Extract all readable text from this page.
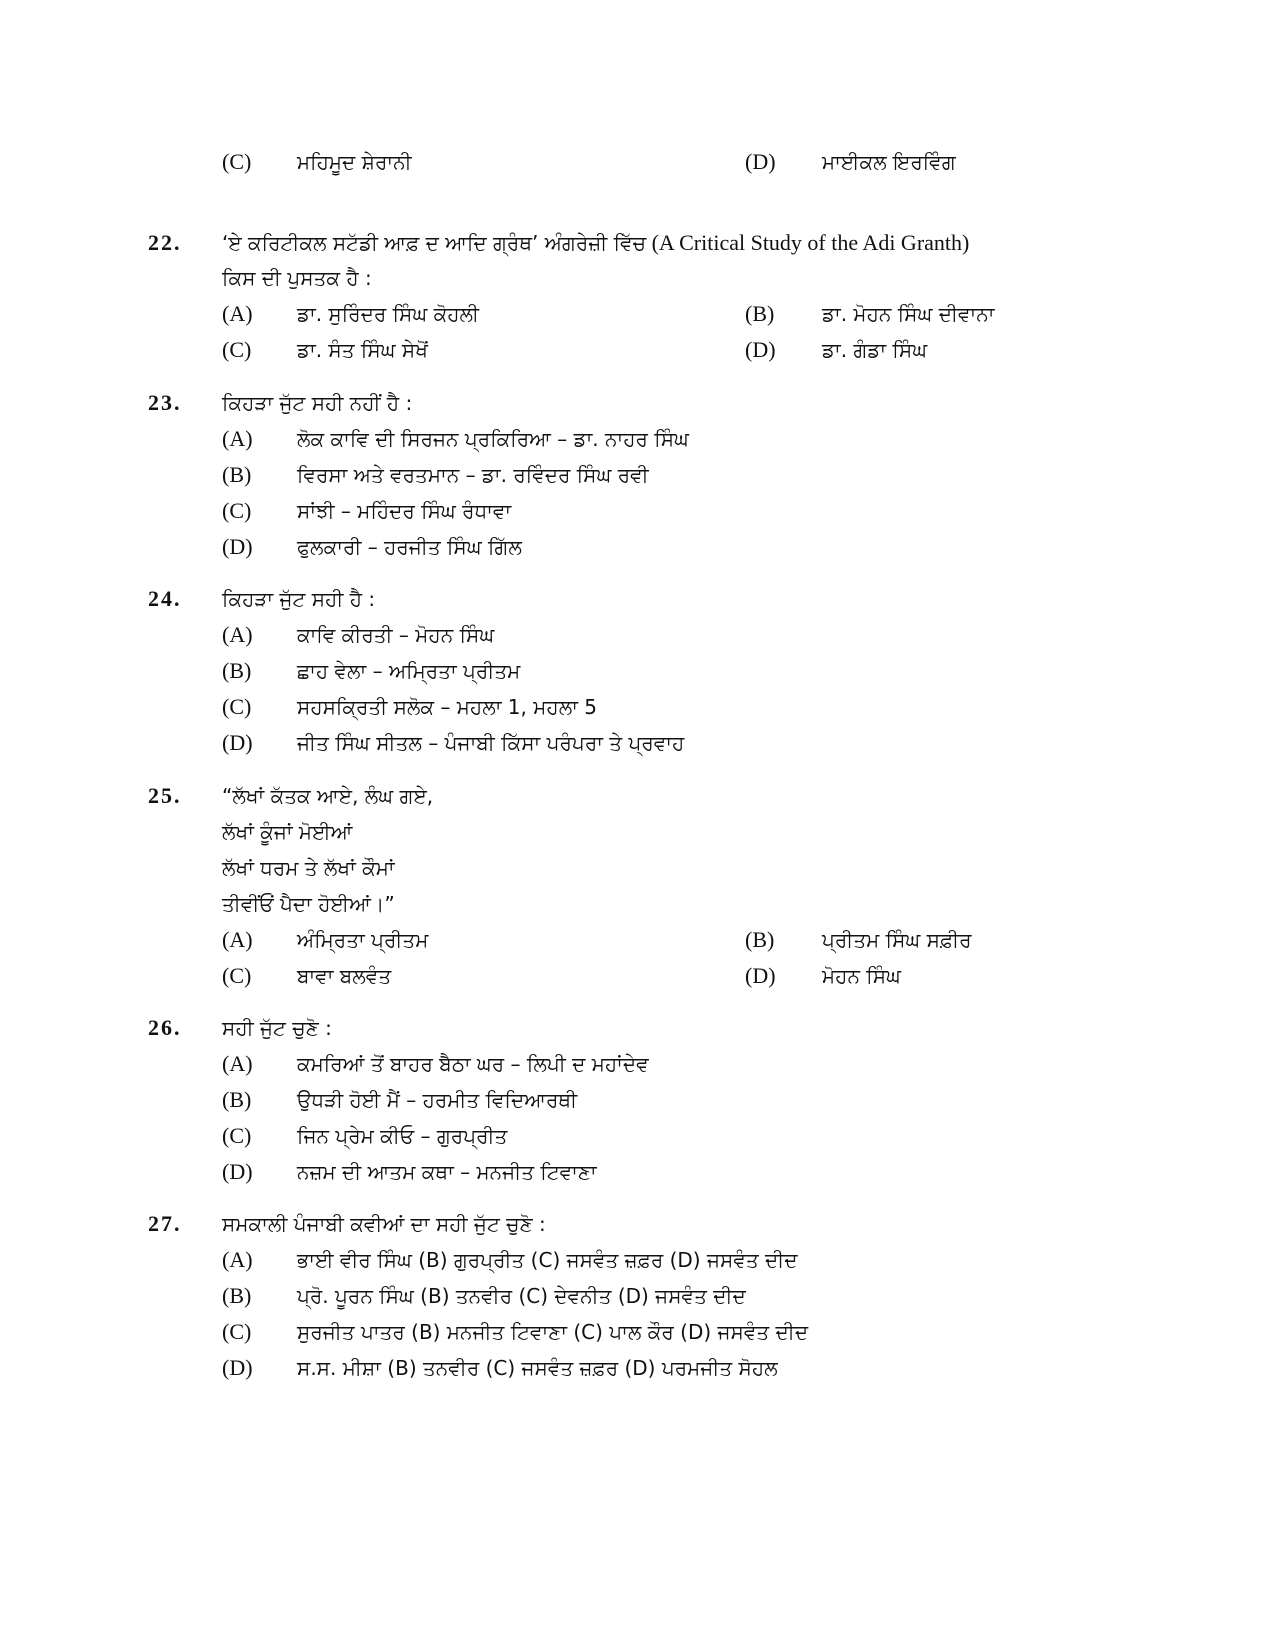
(C) ਮਹਿਮੂਦ ਸ਼ੇਰਾਨੀ	(D) ਮਾਈਕਲ ਇਰਵਿੰਗ
22. ‘ਏ ਕਰਿਟੀਕਲ ਸਟੱਡੀ ਆਫ਼ ਦ ਆਦਿ ਗ੍ਰੰਥ’ ਅੰਗਰੇਜ਼ੀ ਵਿੱਚ (A Critical Study of the Adi Granth)
ਕਿਸ ਦੀ ਪੁਸਤਕ ਹੈ :
(A) ਡਾ. ਸੁਰਿੰਦਰ ਸਿੰਘ ਕੋਹਲੀ	(B) ਡਾ. ਮੋਹਨ ਸਿੰਘ ਦੀਵਾਨਾ
(C) ਡਾ. ਸੰਤ ਸਿੰਘ ਸੇਖੋਂ	(D) ਡਾ. ਗੰਡਾ ਸਿੰਘ
23. ਕਿਹੜਾ ਜੁੱਟ ਸਹੀ ਨਹੀਂ ਹੈ :
(A) ਲੋਕ ਕਾਵਿ ਦੀ ਸਿਰਜਨ ਪ੍ਰਕਿਰਿਆ – ਡਾ. ਨਾਹਰ ਸਿੰਘ
(B) ਵਿਰਸਾ ਅਤੇ ਵਰਤਮਾਨ – ਡਾ. ਰਵਿੰਦਰ ਸਿੰਘ ਰਵੀ
(C) ਸਾਂਝੀ – ਮਹਿੰਦਰ ਸਿੰਘ ਰੰਧਾਵਾ
(D) ਫੁਲਕਾਰੀ – ਹਰਜੀਤ ਸਿੰਘ ਗਿੱਲ
24. ਕਿਹੜਾ ਜੁੱਟ ਸਹੀ ਹੈ :
(A) ਕਾਵਿ ਕੀਰਤੀ – ਮੋਹਨ ਸਿੰਘ
(B) ਛਾਹ ਵੇਲਾ – ਅਮ੍ਰਿਤਾ ਪ੍ਰੀਤਮ
(C) ਸਹਸਕ੍ਰਿਤੀ ਸਲੋਕ – ਮਹਲਾ 1, ਮਹਲਾ 5
(D) ਜੀਤ ਸਿੰਘ ਸੀਤਲ – ਪੰਜਾਬੀ ਕਿੱਸਾ ਪਰੰਪਰਾ ਤੇ ਪ੍ਰਵਾਹ
25. “ਲੱਖਾਂ ਕੱਤਕ ਆਏ, ਲੰਘ ਗਏ,
ਲੱਖਾਂ ਕੂੰਜਾਂ ਮੋਈਆਂ
ਲੱਖਾਂ ਧਰਮ ਤੇ ਲੱਖਾਂ ਕੌਮਾਂ
ਤੀਵੀਂਓਂ ਪੈਦਾ ਹੋਈਆਂ।”
(A) ਅੰਮ੍ਰਿਤਾ ਪ੍ਰੀਤਮ	(B) ਪ੍ਰੀਤਮ ਸਿੰਘ ਸਫ਼ੀਰ
(C) ਬਾਵਾ ਬਲਵੰਤ	(D) ਮੋਹਨ ਸਿੰਘ
26. ਸਹੀ ਜੁੱਟ ਚੁਣੋ :
(A) ਕਮਰਿਆਂ ਤੋਂ ਬਾਹਰ ਬੈਠਾ ਘਰ – ਲਿਪੀ ਦ ਮਹਾਂਦੇਵ
(B) ਉਧੜੀ ਹੋਈ ਮੈਂ – ਹਰਮੀਤ ਵਿਦਿਆਰਥੀ
(C) ਜਿਨ ਪ੍ਰੇਮ ਕੀਓ – ਗੁਰਪ੍ਰੀਤ
(D) ਨਜ਼ਮ ਦੀ ਆਤਮ ਕਥਾ – ਮਨਜੀਤ ਟਿਵਾਣਾ
27. ਸਮਕਾਲੀ ਪੰਜਾਬੀ ਕਵੀਆਂ ਦਾ ਸਹੀ ਜੁੱਟ ਚੁਣੋ :
(A) ਭਾਈ ਵੀਰ ਸਿੰਘ (B) ਗੁਰਪ੍ਰੀਤ (C) ਜਸਵੰਤ ਜ਼ਫ਼ਰ (D) ਜਸਵੰਤ ਦੀਦ
(B) ਪ੍ਰੋ. ਪੂਰਨ ਸਿੰਘ (B) ਤਨਵੀਰ (C) ਦੇਵਨੀਤ (D) ਜਸਵੰਤ ਦੀਦ
(C) ਸੁਰਜੀਤ ਪਾਤਰ (B) ਮਨਜੀਤ ਟਿਵਾਣਾ (C) ਪਾਲ ਕੌਰ (D) ਜਸਵੰਤ ਦੀਦ
(D) ਸ.ਸ. ਮੀਸ਼ਾ (B) ਤਨਵੀਰ (C) ਜਸਵੰਤ ਜ਼ਫ਼ਰ (D) ਪਰਮਜੀਤ ਸੋਹਲ
